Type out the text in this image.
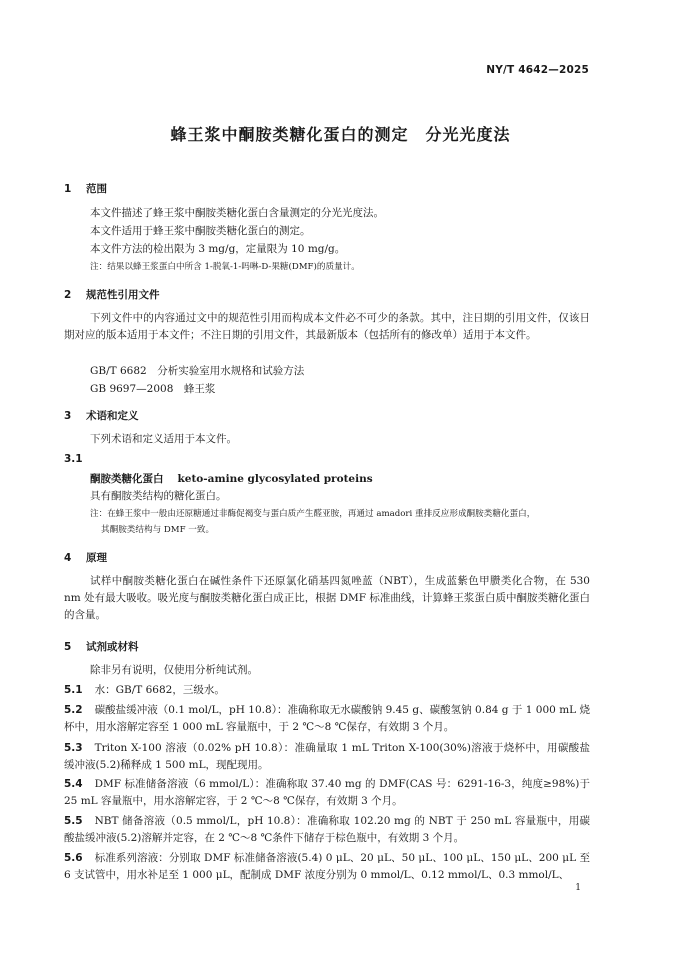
NY/T 4642—2025
蜂王浆中酮胺类糖化蛋白的测定　分光光度法
1 范围
本文件描述了蜂王浆中酮胺类糖化蛋白含量测定的分光光度法。
本文件适用于蜂王浆中酮胺类糖化蛋白的测定。
本文件方法的检出限为 3 mg/g，定量限为 10 mg/g。
注：结果以蜂王浆蛋白中所含 1-脱氧-1-吗啉-D-果糖(DMF)的质量计。
2 规范性引用文件
下列文件中的内容通过文中的规范性引用而构成本文件必不可少的条款。其中，注日期的引用文件，仅该日期对应的版本适用于本文件；不注日期的引用文件，其最新版本（包括所有的修改单）适用于本文件。
GB/T 6682　分析实验室用水规格和试验方法
GB 9697—2008　蜂王浆
3 术语和定义
下列术语和定义适用于本文件。
3.1
酮胺类糖化蛋白 keto-amine glycosylated proteins
具有酮胺类结构的糖化蛋白。
注：在蜂王浆中一般由还原糖通过非酶促褐变与蛋白质产生醛亚胺，再通过 amadori 重排反应形成酮胺类糖化蛋白，
其酮胺类结构与 DMF 一致。
4 原理
试样中酮胺类糖化蛋白在碱性条件下还原氯化硝基四氮唑蓝（NBT），生成蓝紫色甲臜类化合物，在 530 nm 处有最大吸收。吸光度与酮胺类糖化蛋白成正比，根据 DMF 标准曲线，计算蜂王浆蛋白质中酮胺类糖化蛋白的含量。
5 试剂或材料
除非另有说明，仅使用分析纯试剂。
5.1 水：GB/T 6682，三级水。
5.2 碳酸盐缓冲液（0.1 mol/L，pH 10.8）：准确称取无水碳酸钠 9.45 g、碳酸氢钠 0.84 g 于 1 000 mL 烧杯中，用水溶解定容至 1 000 mL 容量瓶中，于 2 ℃～8 ℃保存，有效期 3 个月。
5.3 Triton X-100 溶液（0.02% pH 10.8）：准确量取 1 mL Triton X-100(30%)溶液于烧杯中，用碳酸盐缓冲液(5.2)稀释成 1 500 mL，现配现用。
5.4 DMF 标准储备溶液（6 mmol/L）：准确称取 37.40 mg 的 DMF(CAS 号：6291-16-3，纯度≥98%)于 25 mL 容量瓶中，用水溶解定容，于 2 ℃～8 ℃保存，有效期 3 个月。
5.5 NBT 储备溶液（0.5 mmol/L，pH 10.8）：准确称取 102.20 mg 的 NBT 于 250 mL 容量瓶中，用碳酸盐缓冲液(5.2)溶解并定容，在 2 ℃～8 ℃条件下储存于棕色瓶中，有效期 3 个月。
5.6 标准系列溶液：分别取 DMF 标准储备溶液(5.4) 0 μL、20 μL、50 μL、100 μL、150 μL、200 μL 至 6 支试管中，用水补足至 1 000 μL，配制成 DMF 浓度分别为 0 mmol/L、0.12 mmol/L、0.3 mmol/L、
1
